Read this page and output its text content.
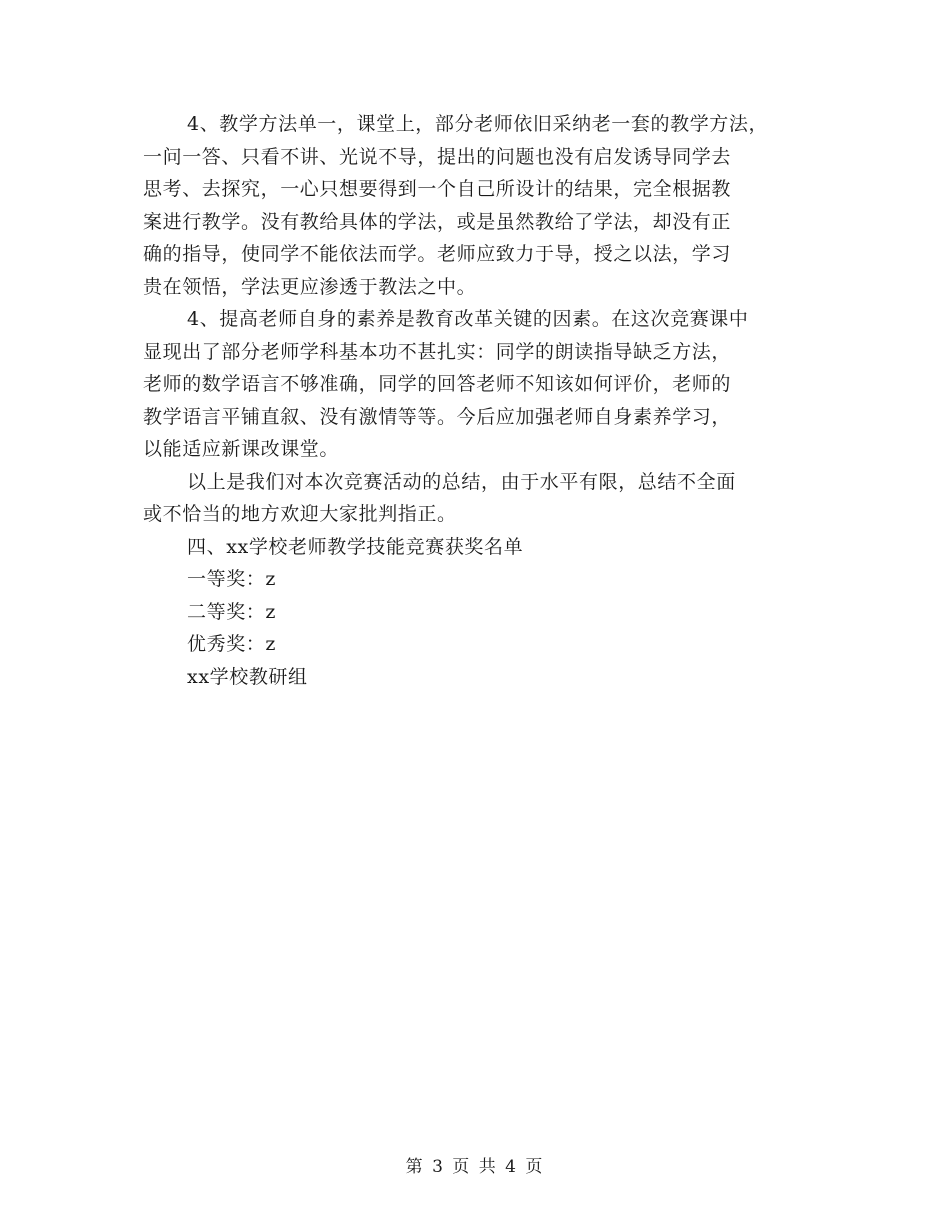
4、教学方法单一，课堂上，部分老师依旧采纳老一套的教学方法，
一问一答、只看不讲、光说不导，提出的问题也没有启发诱导同学去
思考、去探究，一心只想要得到一个自己所设计的结果，完全根据教
案进行教学。没有教给具体的学法，或是虽然教给了学法，却没有正
确的指导，使同学不能依法而学。老师应致力于导，授之以法，学习
贵在领悟，学法更应渗透于教法之中。
4、提高老师自身的素养是教育改革关键的因素。在这次竞赛课中
显现出了部分老师学科基本功不甚扎实：同学的朗读指导缺乏方法，
老师的数学语言不够准确，同学的回答老师不知该如何评价，老师的
教学语言平铺直叙、没有激情等等。今后应加强老师自身素养学习，
以能适应新课改课堂。
以上是我们对本次竞赛活动的总结，由于水平有限，总结不全面
或不恰当的地方欢迎大家批判指正。
四、xx学校老师教学技能竞赛获奖名单
一等奖：z
二等奖：z
优秀奖：z
xx学校教研组
第 3 页 共 4 页
